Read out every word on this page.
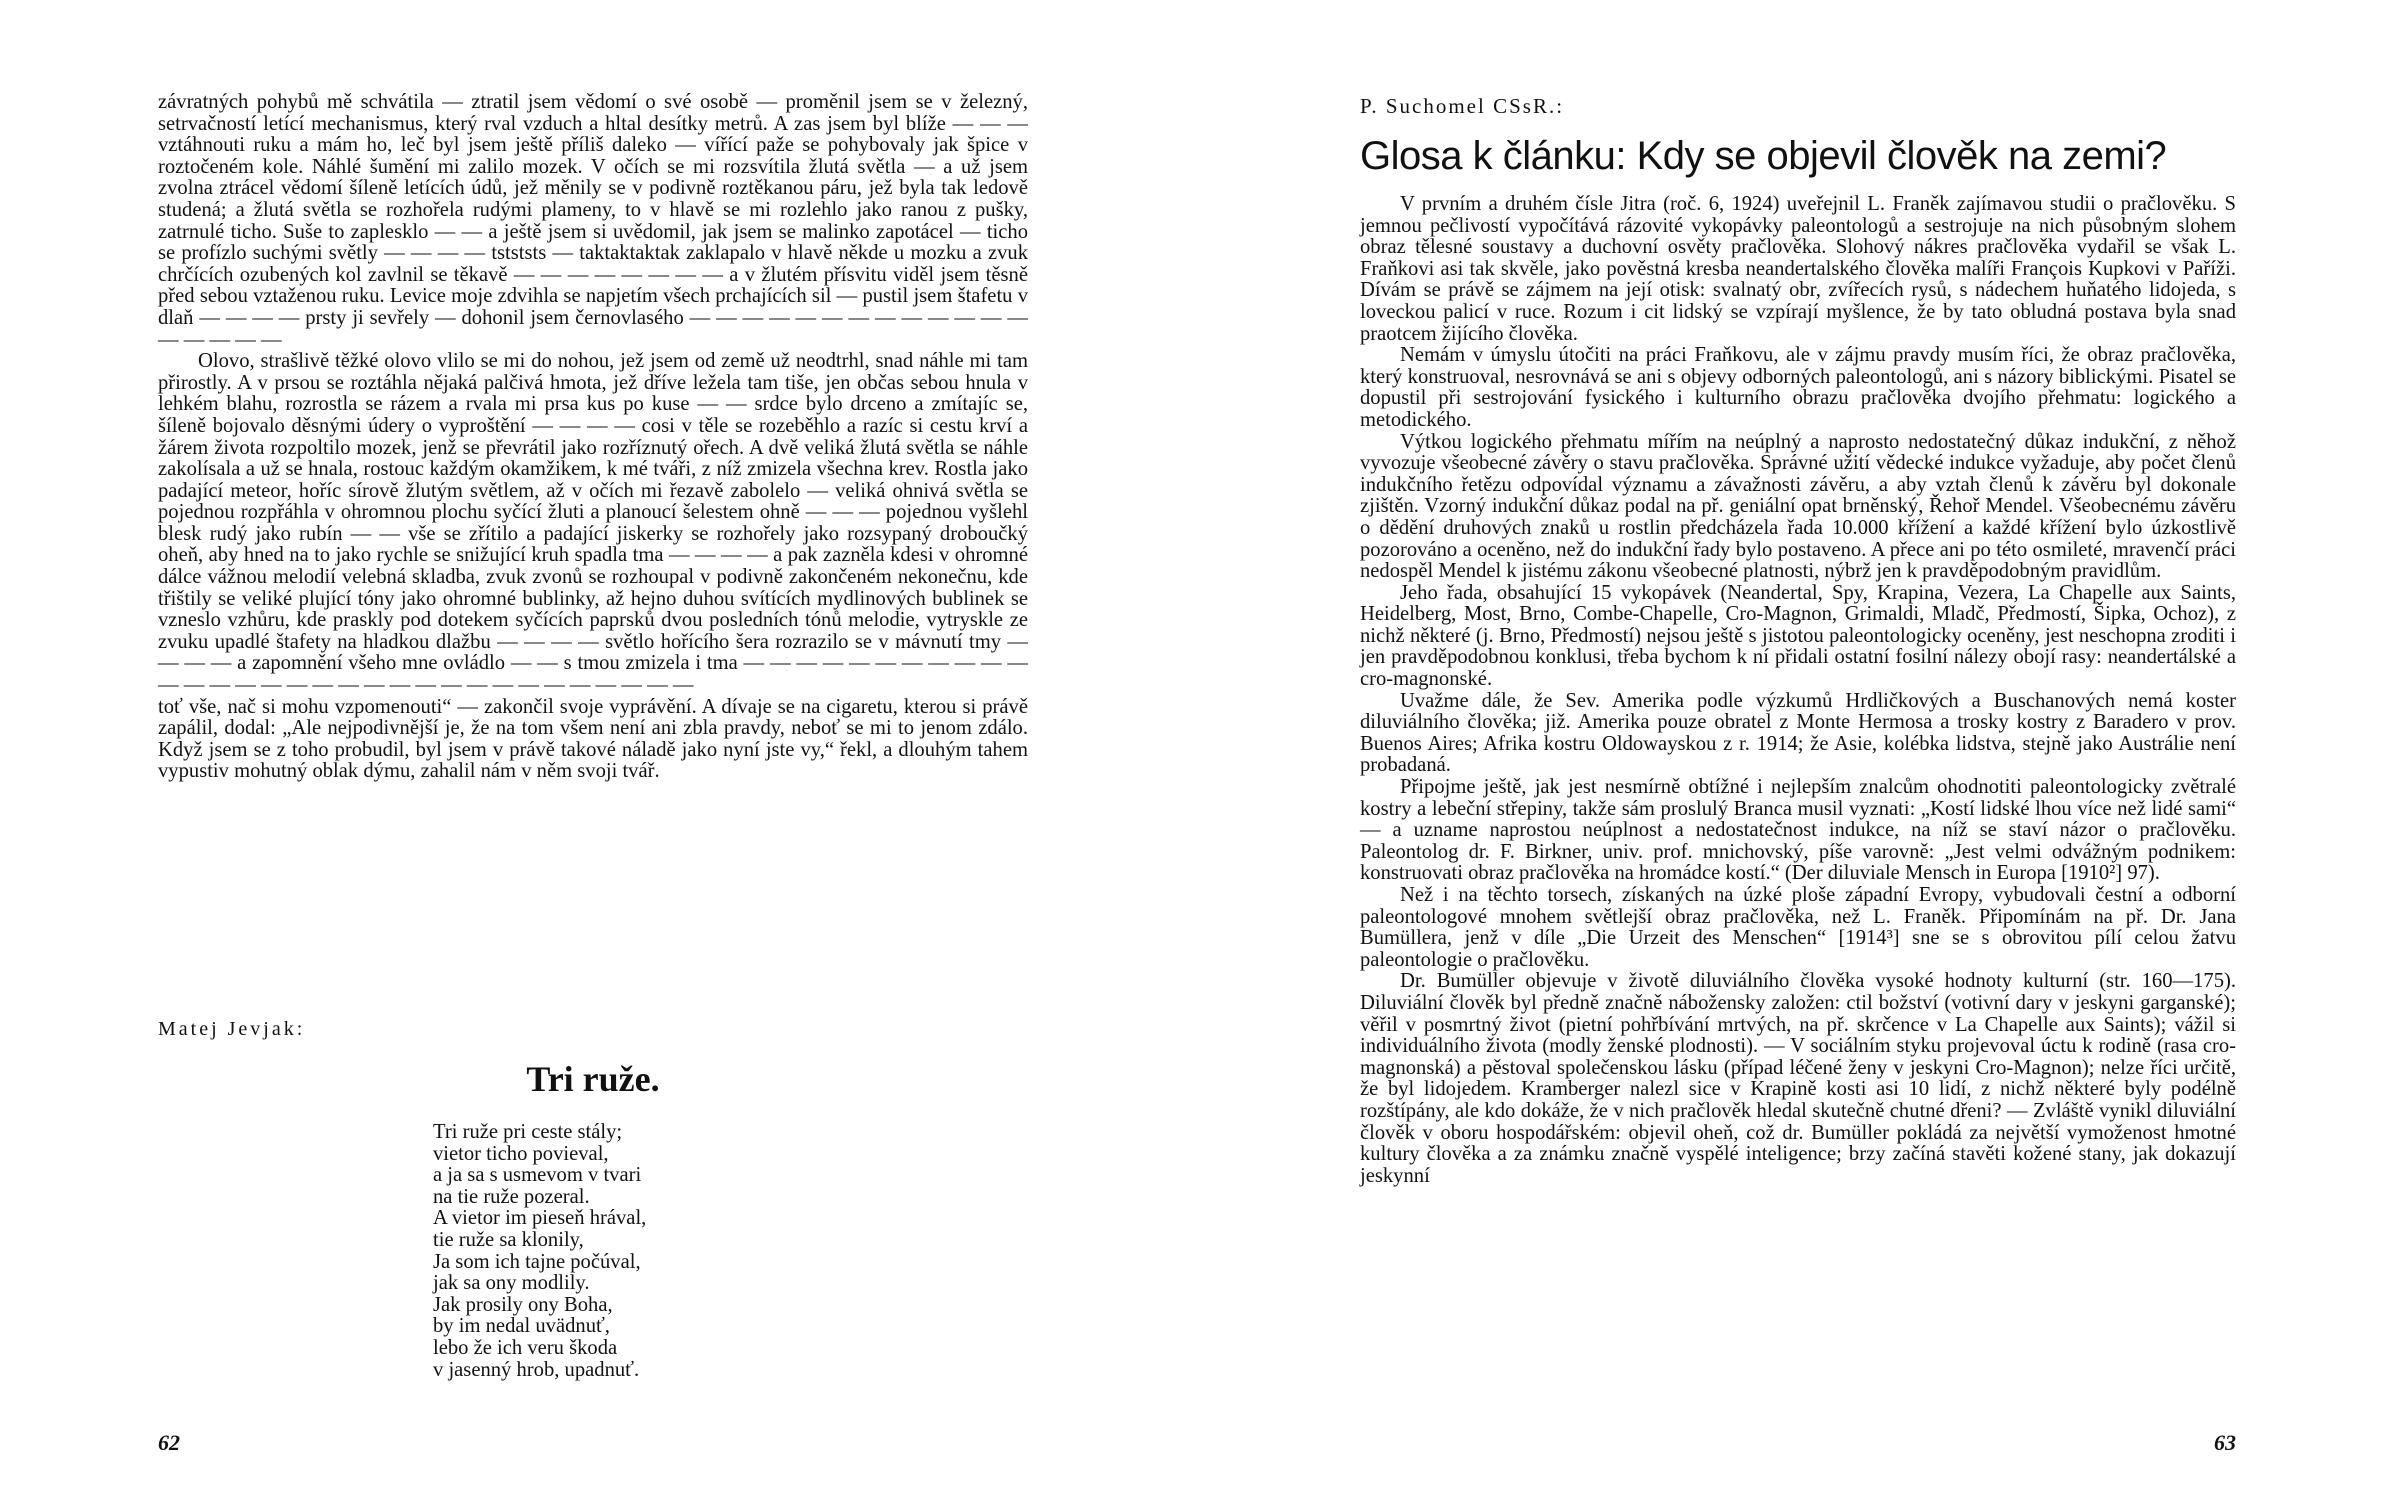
závratných pohybů mě schvátila — ztratil jsem vědomí o své osobě — proměnil jsem se v železný, setrvačností letící mechanismus, který rval vzduch a hltal desítky metrů. A zas jsem byl blíže — — — vztáhnouti ruku a mám ho, leč byl jsem ještě příliš daleko — vířící paže se pohybovaly jak špice v roztočeném kole. Náhlé šumění mi zalilo mozek. V očích se mi rozsvítila žlutá světla — a už jsem zvolna ztrácel vědomí šíleně letících údů, jež měnily se v podivně roztěkanou páru, jež byla tak ledově studená; a žlutá světla se rozhořela rudými plameny, to v hlavě se mi rozlehlo jako ranou z pušky, zatrnulé ticho. Suše to zaplesklo — — a ještě jsem si uvědomil, jak jsem se malinko zapotácel — ticho se profízlo suchými světly — — — — tstststs — taktaktaktak zaklapalo v hlavě někde u mozku a zvuk chrčících ozubených kol zavlnil se těkavě — — — — — — — — a v žlutém přísvitu viděl jsem těsně před sebou vztaženou ruku. Levice moje zdvihla se napjetím všech prchajících sil — pustil jsem štafetu v dlaň — — — — prsty ji sevřely — dohonil jsem černovlasého — — — — — — — — — — — — — — — — — —

Olovo, strašlivě těžké olovo vlilo se mi do nohou, jež jsem od země už neodtrhl, snad náhle mi tam přirostly. A v prsou se roztáhla nějaká palčivá hmota, jež dříve ležela tam tiše, jen občas sebou hnula v lehkém blahu, rozrostla se rázem a rvala mi prsa kus po kuse — — srdce bylo drceno a zmítajíc se, šíleně bojovalo děsnými údery o vyproštění — — — — cosi v těle se rozeběhlo a razíc si cestu krví a žárem života rozpoltilo mozek, jenž se převrátil jako rozříznutý ořech. A dvě veliká žlutá světla se náhle zakolísala a už se hnala, rostouc každým okamžikem, k mé tváři, z níž zmizela všechna krev. Rostla jako padající meteor, hoříc sírově žlutým světlem, až v očích mi řezavě zabolelo — veliká ohnivá světla se pojednou rozpřáhla v ohromnou plochu syčící žluti a planoucí šelestem ohně — — — pojednou vyšlehl blesk rudý jako rubín — — vše se zřítilo a padající jiskerky se rozhořely jako rozsypaný droboučký oheň, aby hned na to jako rychle se snižující kruh spadla tma — — — — a pak zazněla kdesi v ohromné dálce vážnou melodií velebná skladba, zvuk zvonů se rozhoupal v podivně zakončeném nekonečnu, kde třištily se veliké plující tóny jako ohromné bublinky, až hejno duhou svítících mydlinových bublinek se vzneslo vzhůru, kde praskly pod dotekem syčících paprsků dvou posledních tónů melodie, vytryskle ze zvuku upadlé štafety na hladkou dlažbu — — — — světlo hořícího šera rozrazilo se v mávnutí tmy — — — — a zapomnění všeho mne ovládlo — — s tmou zmizela i tma — — — — — — — — — — — — — — — — — — — — — — — — — — — — — — — —

toť vše, nač si mohu vzpomenouti“ — zakončil svoje vyprávění. A dívaje se na cigaretu, kterou si právě zapálil, dodal: „Ale nejpodivnější je, že na tom všem není ani zbla pravdy, neboť se mi to jenom zdálo. Když jsem se z toho probudil, byl jsem v právě takové náladě jako nyní jste vy,“ řekl, a dlouhým tahem vypustiv mohutný oblak dýmu, zahalil nám v něm svoji tvář.

Matej Jevjak:

Tri ruže.
Tri ruže pri ceste stály;
vietor ticho povieval,
a ja sa s usmevom v tvari
na tie ruže pozeral.
A vietor im pieseň hrával,
tie ruže sa klonily,
Ja som ich tajne počúval,
jak sa ony modlily.
Jak prosily ony Boha,
by im nedal uvädnuť,
lebo že ich veru škoda
v jasenný hrob, upadnuť.
62

P. Suchomel CSsR.:

Glosa k článku: Kdy se objevil člověk na zemi?

V prvním a druhém čísle Jitra (roč. 6, 1924) uveřejnil L. Franěk zajímavou studii o pračlověku. S jemnou pečlivostí vypočítává rázovité vykopávky paleontologů a sestrojuje na nich působným slohem obraz tělesné soustavy a duchovní osvěty pračlověka. Slohový nákres pračlověka vydařil se však L. Fraňkovi asi tak skvěle, jako pověstná kresba neandertalského člověka malíři François Kupkovi v Paříži. Dívám se právě se zájmem na její otisk: svalnatý obr, zvířecích rysů, s nádechem huňatého lidojeda, s loveckou palicí v ruce. Rozum i cit lidský se vzpírají myšlence, že by tato obludná postava byla snad praotcem žijícího člověka.

Nemám v úmyslu útočiti na práci Fraňkovu, ale v zájmu pravdy musím říci, že obraz pračlověka, který konstruoval, nesrovnává se ani s objevy odborných paleontologů, ani s názory biblickými. Pisatel se dopustil při sestrojování fysického i kulturního obrazu pračlověka dvojího přehmatu: logického a metodického.

Výtkou logického přehmatu mířím na neúplný a naprosto nedostatečný důkaz indukční, z něhož vyvozuje všeobecné závěry o stavu pračlověka. Správné užití vědecké indukce vyžaduje, aby počet členů indukčního řetězu odpovídal významu a závažnosti závěru, a aby vztah členů k závěru byl dokonale zjištěn. Vzorný indukční důkaz podal na př. geniální opat brněnský, Řehoř Mendel. Všeobecnému závěru o dědění druhových znaků u rostlin předcházela řada 10.000 křížení a každé křížení bylo úzkostlivě pozorováno a oceněno, než do indukční řady bylo postaveno. A přece ani po této osmileté, mravenčí práci nedospěl Mendel k jistému zákonu všeobecné platnosti, nýbrž jen k pravděpodobným pravidlům.

Jeho řada, obsahující 15 vykopávek (Neandertal, Spy, Krapina, Vezera, La Chapelle aux Saints, Heidelberg, Most, Brno, Combe-Chapelle, Cro-Magnon, Grimaldi, Mladč, Předmostí, Šipka, Ochoz), z nichž některé (j. Brno, Předmostí) nejsou ještě s jistotou paleontologicky oceněny, jest neschopna zroditi i jen pravděpodobnou konklusi, třeba bychom k ní přidali ostatní fosilní nálezy obojí rasy: neandertálské a cro-magnonské.

Uvažme dále, že Sev. Amerika podle výzkumů Hrdličkových a Buschanových nemá koster diluviálního člověka; již. Amerika pouze obratel z Monte Hermosa a trosky kostry z Baradero v prov. Buenos Aires; Afrika kostru Oldowayskou z r. 1914; že Asie, kolébka lidstva, stejně jako Austrálie není probadaná.

Připojme ještě, jak jest nesmírně obtížné i nejlepším znalcům ohodnotiti paleontologicky zvětralé kostry a lebeční střepiny, takže sám proslulý Branca musil vyznati: „Kostí lidské lhou více než lidé sami“ — a uzname naprostou neúplnost a nedostatečnost indukce, na níž se staví názor o pračlověku. Paleontolog dr. F. Birkner, univ. prof. mnichovský, píše varovně: „Jest velmi odvážným podnikem: konstruovati obraz pračlověka na hromádce kostí.“ (Der diluviale Mensch in Europa [1910²] 97).

Než i na těchto torsech, získaných na úzké ploše západní Evropy, vybudovali čestní a odborní paleontologové mnohem světlejší obraz pračlověka, než L. Franěk. Připomínám na př. Dr. Jana Bumüllera, jenž v díle „Die Urzeit des Menschen“ [1914³] sne se s obrovitou pílí celou žatvu paleontologie o pračlověku.

Dr. Bumüller objevuje v životě diluviálního člověka vysoké hodnoty kulturní (str. 160—175). Diluviální člověk byl předně značně nábožensky založen: ctil božství (votivní dary v jeskyni garganské); věřil v posmrtný život (pietní pohřbívání mrtvých, na př. skrčence v La Chapelle aux Saints); vážil si individuálního života (modly ženské plodnosti). — V sociálním styku projevoval úctu k rodině (rasa cro-magnonská) a pěstoval společenskou lásku (případ léčené ženy v jeskyni Cro-Magnon); nelze říci určitě, že byl lidojedem. Kramberger nalezl sice v Krapině kosti asi 10 lidí, z nichž některé byly podélně rozštípány, ale kdo dokáže, že v nich pračlověk hledal skutečně chutné dřeni? — Zvláště vynikl diluviální člověk v oboru hospodářském: objevil oheň, což dr. Bumüller pokládá za největší vymoženost hmotné kultury člověka a za známku značně vyspělé inteligence; brzy začíná stavěti kožené stany, jak dokazují jeskynní

63
